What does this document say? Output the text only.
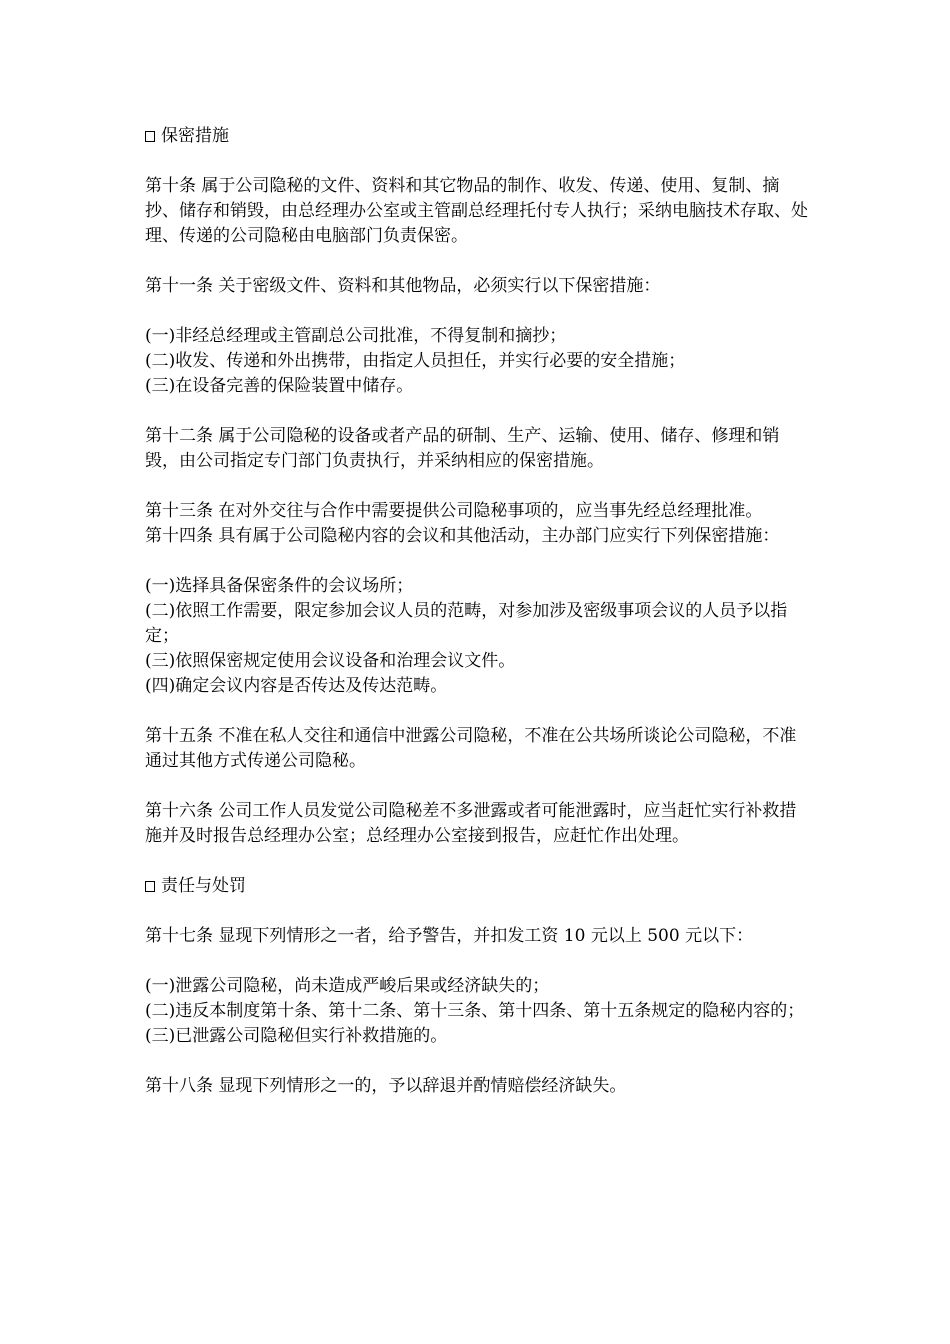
保密措施

第十条 属于公司隐秘的文件、资料和其它物品的制作、收发、传递、使用、复制、摘抄、储存和销毁，由总经理办公室或主管副总经理托付专人执行；采纳电脑技术存取、处理、传递的公司隐秘由电脑部门负责保密。

第十一条 关于密级文件、资料和其他物品，必须实行以下保密措施：

(一)非经总经理或主管副总公司批准，不得复制和摘抄；

(二)收发、传递和外出携带，由指定人员担任，并实行必要的安全措施；

(三)在设备完善的保险装置中储存。

第十二条 属于公司隐秘的设备或者产品的研制、生产、运输、使用、储存、修理和销毁，由公司指定专门部门负责执行，并采纳相应的保密措施。

第十三条 在对外交往与合作中需要提供公司隐秘事项的，应当事先经总经理批准。

第十四条 具有属于公司隐秘内容的会议和其他活动，主办部门应实行下列保密措施：

(一)选择具备保密条件的会议场所；

(二)依照工作需要，限定参加会议人员的范畴，对参加涉及密级事项会议的人员予以指定；

(三)依照保密规定使用会议设备和治理会议文件。

(四)确定会议内容是否传达及传达范畴。

第十五条 不准在私人交往和通信中泄露公司隐秘，不准在公共场所谈论公司隐秘，不准通过其他方式传递公司隐秘。

第十六条 公司工作人员发觉公司隐秘差不多泄露或者可能泄露时，应当赶忙实行补救措施并及时报告总经理办公室；总经理办公室接到报告，应赶忙作出处理。

责任与处罚

第十七条 显现下列情形之一者，给予警告，并扣发工资 10 元以上 500 元以下：

(一)泄露公司隐秘，尚未造成严峻后果或经济缺失的；

(二)违反本制度第十条、第十二条、第十三条、第十四条、第十五条规定的隐秘内容的；

(三)已泄露公司隐秘但实行补救措施的。

第十八条 显现下列情形之一的，予以辞退并酌情赔偿经济缺失。
